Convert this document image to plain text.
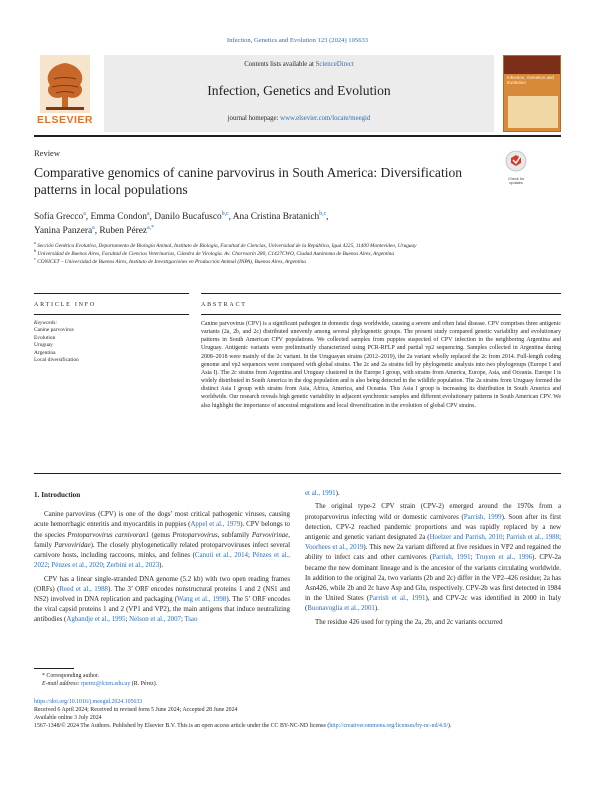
Infection, Genetics and Evolution 123 (2024) 105633
ELSEVIER
Contents lists available at ScienceDirect
Infection, Genetics and Evolution
journal homepage: www.elsevier.com/locate/meegid
Infection, Genetics and Evolution
Review
Comparative genomics of canine parvovirus in South America: Diversification patterns in local populations
Check for updates
Sofía Grecco$^a$, Emma Condon$^a$, Danilo Bucafusco$^{b,c}$, Ana Cristina Bratanich$^{b,c}$,
Yanina Panzera$^a$, Ruben Pérez$^{a,*}$
$^a$ Sección Genética Evolutiva, Departamento de Biología Animal, Instituto de Biología, Facultad de Ciencias, Universidad de la República, Iguá 4225, 11400 Montevideo, Uruguay
$^b$ Universidad de Buenos Aires, Facultad de Ciencias Veterinarias, Cátedra de Virología. Av. Chorroarín 280, C1427CWO, Ciudad Autónoma de Buenos Aires, Argentina
$^c$ CONICET – Universidad de Buenos Aires, Instituto de Investigaciones en Producción Animal (INPA), Buenos Aires, Argentina
ARTICLE INFO	ABSTRACT
Keywords:
Canine parvovirus
Evolution
Uruguay
Argentina
Local diversification
Canine parvovirus (CPV) is a significant pathogen in domestic dogs worldwide, causing a severe and often fatal disease. CPV comprises three antigenic variants (2a, 2b, and 2c) distributed unevenly among several phylogenetic groups. The present study compared genetic variability and evolutionary patterns in South American CPV populations. We collected samples from puppies suspected of CPV infection in the neighboring Argentina and Uruguay. Antigenic variants were preliminarily characterized using PCR-RFLP and partial vp2 sequencing. Samples collected in Argentina during 2008–2018 were mainly of the 2c variant. In the Uruguayan strains (2012–2019), the 2a variant wholly replaced the 2c from 2014. Full-length coding genome and vp2 sequences were compared with global strains. The 2c and 2a strains fell by phylogenetic analysis into two phylogroups (Europe I and Asia I). The 2c strains from Argentina and Uruguay clustered in the Europe I group, with strains from America, Europe, Asia, and Oceania. Europe I is widely distributed in South America in the dog population and is also being detected in the wildlife population. The 2a strains from Uruguay formed the distinct Asia I group with strains from Asia, Africa, America, and Oceania. This Asia I group is increasing its distribution in South America and worldwide. Our research reveals high genetic variability in adjacent synchronic samples and different evolutionary patterns in South American CPV. We also highlight the importance of ancestral migrations and local diversification in the evolution of global CPV strains.
1. Introduction

Canine parvovirus (CPV) is one of the dogs’ most critical pathogenic viruses, causing acute hemorrhagic enteritis and myocarditis in puppies (Appel et al., 1979). CPV belongs to the species Protoparvovirus carnivoran1 (genus Protoparvovirus, subfamily Parvovirinae, family Parvoviridae). The closely phylogenetically related protoparvoviruses infect several carnivore hosts, including raccoons, minks, and felines (Canuti et al., 2014; Pénzes et al., 2022; Pénzes et al., 2020; Zerbini et al., 2023).

CPV has a linear single-stranded DNA genome (5.2 kb) with two open reading frames (ORFs) (Reed et al., 1988). The 3’ ORF encodes nonstructural proteins 1 and 2 (NS1 and NS2) involved in DNA replication and packaging (Wang et al., 1998). The 5’ ORF encodes the viral capsid proteins 1 and 2 (VP1 and VP2), the main antigens that induce neutralizing antibodies (Agbandje et al., 1995; Nelson et al., 2007; Tsao

et al., 1991).

The original type-2 CPV strain (CPV-2) emerged around the 1970s from a protoparvovirus infecting wild or domestic carnivores (Parrish, 1999). Soon after its first detection, CPV-2 reached pandemic proportions and was rapidly replaced by a new antigenic and genetic variant designated 2a (Hoelzer and Parrish, 2010; Parrish et al., 1988; Voorhees et al., 2019). This new 2a variant differed at five residues in VP2 and regained the ability to infect cats and other carnivores (Parrish, 1991; Truyen et al., 1996). CPV-2a became the new dominant lineage and is the ancestor of the variants circulating worldwide. In addition to the original 2a, two variants (2b and 2c) differ in the VP2–426 residue; 2a has Asn426, while 2b and 2c have Asp and Glu, respectively. CPV-2b was first detected in 1984 in the United States (Parrish et al., 1991), and CPV-2c was identified in 2000 in Italy (Buonavoglia et al., 2001).

The residue 426 used for typing the 2a, 2b, and 2c variants occurred

* Corresponding author.
E-mail address: rperez@fcien.edu.uy (R. Pérez).
https://doi.org/10.1016/j.meegid.2024.105633
Received 6 April 2024; Received in revised form 5 June 2024; Accepted 28 June 2024
Available online 3 July 2024
1567-1348/© 2024 The Authors. Published by Elsevier B.V. This is an open access article under the CC BY-NC-ND license (http://creativecommons.org/licenses/by-nc-nd/4.0/).
